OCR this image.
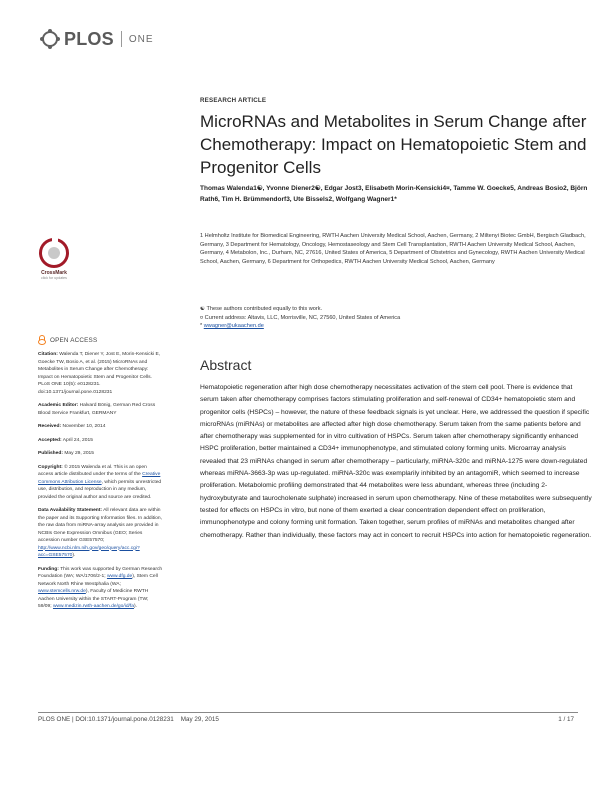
PLOS ONE
RESEARCH ARTICLE
MicroRNAs and Metabolites in Serum Change after Chemotherapy: Impact on Hematopoietic Stem and Progenitor Cells
Thomas Walenda1☯, Yvonne Diener2☯, Edgar Jost3, Elisabeth Morin-Kensicki4¤, Tamme W. Goecke5, Andreas Bosio2, Björn Rath6, Tim H. Brümmendorf3, Ute Bissels2, Wolfgang Wagner1*
1 Helmholtz Institute for Biomedical Engineering, RWTH Aachen University Medical School, Aachen, Germany, 2 Miltenyi Biotec GmbH, Bergisch Gladbach, Germany, 3 Department for Hematology, Oncology, Hemostaseology and Stem Cell Transplantation, RWTH Aachen University Medical School, Aachen, Germany, 4 Metabolon, Inc., Durham, NC, 27616, United States of America, 5 Department of Obstetrics and Gynecology, RWTH Aachen University Medical School, Aachen, Germany, 6 Department for Orthopedics, RWTH Aachen University Medical School, Aachen, Germany
☯ These authors contributed equally to this work.
¤ Current address: Altavis, LLC, Morrisville, NC, 27560, United States of America
* wwagner@ukaachen.de
CrossMark
click for updates
OPEN ACCESS
Citation: Walenda T, Diener Y, Jost E, Morin-Kensicki E, Goecke TW, Bosio A, et al. (2015) MicroRNAs and Metabolites in Serum Change after Chemotherapy: Impact on Hematopoietic Stem and Progenitor Cells. PLoS ONE 10(5): e0128231. doi:10.1371/journal.pone.0128231
Academic Editor: Halvard Bönig, German Red Cross Blood Service Frankfurt, GERMANY
Received: November 10, 2014
Accepted: April 24, 2015
Published: May 29, 2015
Copyright: © 2015 Walenda et al. This is an open access article distributed under the terms of the Creative Commons Attribution License, which permits unrestricted use, distribution, and reproduction in any medium, provided the original author and source are credited.
Data Availability Statement: All relevant data are within the paper and its Supporting Information files. In addition, the raw data from miRNA-array analysis are provided in NCBIs Gene Expression Omnibus (GEO; Series accession number GSE57570; http://www.ncbi.nlm.nih.gov/geo/query/acc.cgi?acc=GSE57570).
Funding: This work was supported by German Research Foundation (WA; WA/1706/2-1; www.dfg.de), Stem Cell Network North Rhine Westphalia (WA; www.stemcells.nrw.de), Faculty of Medicine RWTH Aachen University within the START-Program (TW; 59/09; www.medizin.rwth-aachen.de/go/id/fa).
Abstract

Hematopoietic regeneration after high dose chemotherapy necessitates activation of the stem cell pool. There is evidence that serum taken after chemotherapy comprises factors stimulating proliferation and self-renewal of CD34+ hematopoietic stem and progenitor cells (HSPCs) – however, the nature of these feedback signals is yet unclear. Here, we addressed the question if specific microRNAs (miRNAs) or metabolites are affected after high dose chemotherapy. Serum taken from the same patients before and after chemotherapy was supplemented for in vitro cultivation of HSPCs. Serum taken after chemotherapy significantly enhanced HSPC proliferation, better maintained a CD34+ immunophenotype, and stimulated colony forming units. Microarray analysis revealed that 23 miRNAs changed in serum after chemotherapy – particularly, miRNA-320c and miRNA-1275 were down-regulated whereas miRNA-3663-3p was up-regulated. miRNA-320c was exemplarily inhibited by an antagomiR, which seemed to increase proliferation. Metabolomic profiling demonstrated that 44 metabolites were less abundant, whereas three (including 2-hydroxybutyrate and taurocholenate sulphate) increased in serum upon chemotherapy. Nine of these metabolites were subsequently tested for effects on HSPCs in vitro, but none of them exerted a clear concentration dependent effect on proliferation, immunophenotype and colony forming unit formation. Taken together, serum profiles of miRNAs and metabolites changed after chemotherapy. Rather than individually, these factors may act in concert to recruit HSPCs into action for hematopoietic regeneration.

PLOS ONE | DOI:10.1371/journal.pone.0128231    May 29, 2015	1 / 17
